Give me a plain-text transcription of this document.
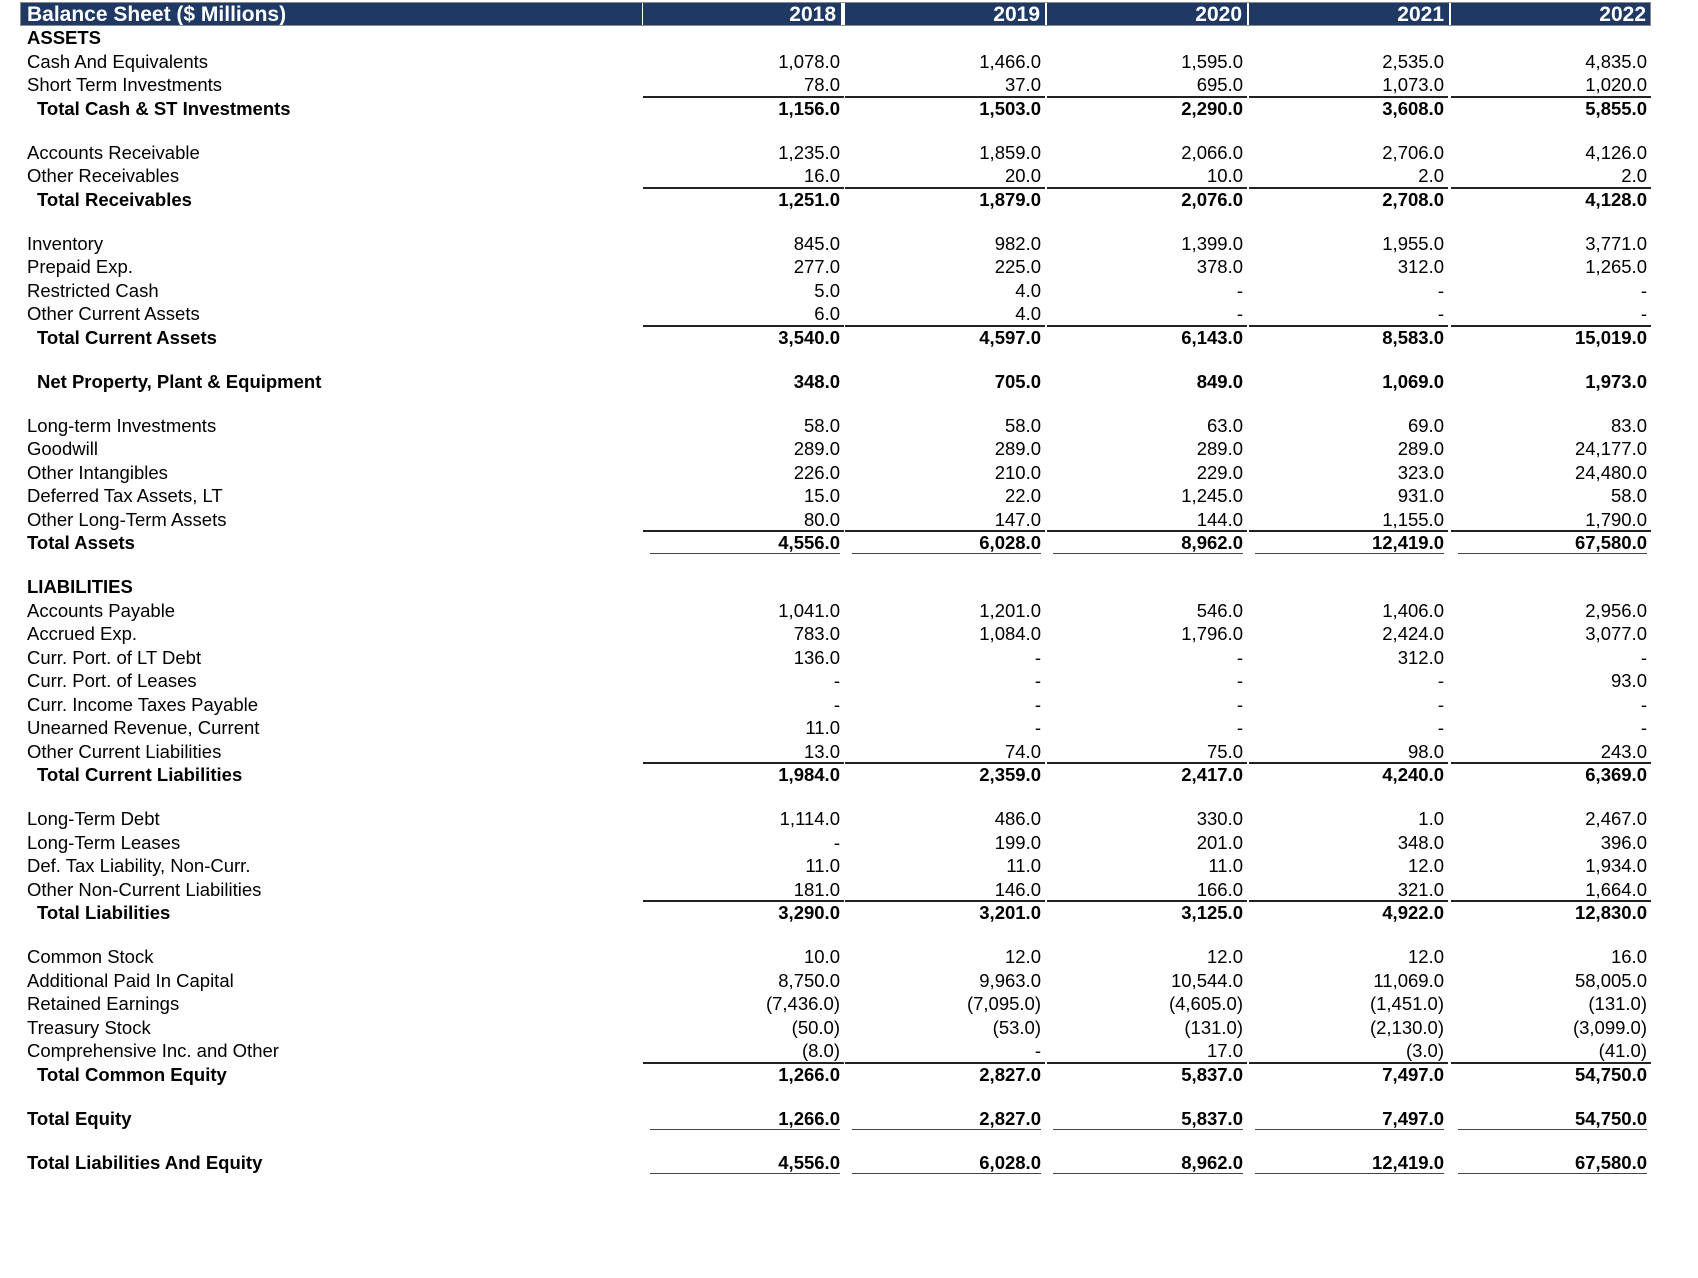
Balance Sheet ($ Millions)	2018	2019	2020	2021	2022
ASSETS
Cash And Equivalents	1,078.0	1,466.0	1,595.0	2,535.0	4,835.0
Short Term Investments	78.0	37.0	695.0	1,073.0	1,020.0
Total Cash & ST Investments	1,156.0	1,503.0	2,290.0	3,608.0	5,855.0
Accounts Receivable	1,235.0	1,859.0	2,066.0	2,706.0	4,126.0
Other Receivables	16.0	20.0	10.0	2.0	2.0
Total Receivables	1,251.0	1,879.0	2,076.0	2,708.0	4,128.0
Inventory	845.0	982.0	1,399.0	1,955.0	3,771.0
Prepaid Exp.	277.0	225.0	378.0	312.0	1,265.0
Restricted Cash	5.0	4.0	-	-	-
Other Current Assets	6.0	4.0	-	-	-
Total Current Assets	3,540.0	4,597.0	6,143.0	8,583.0	15,019.0
Net Property, Plant & Equipment	348.0	705.0	849.0	1,069.0	1,973.0
Long-term Investments	58.0	58.0	63.0	69.0	83.0
Goodwill	289.0	289.0	289.0	289.0	24,177.0
Other Intangibles	226.0	210.0	229.0	323.0	24,480.0
Deferred Tax Assets, LT	15.0	22.0	1,245.0	931.0	58.0
Other Long-Term Assets	80.0	147.0	144.0	1,155.0	1,790.0
Total Assets	4,556.0	6,028.0	8,962.0	12,419.0	67,580.0
LIABILITIES
Accounts Payable	1,041.0	1,201.0	546.0	1,406.0	2,956.0
Accrued Exp.	783.0	1,084.0	1,796.0	2,424.0	3,077.0
Curr. Port. of LT Debt	136.0	-	-	312.0	-
Curr. Port. of Leases	-	-	-	-	93.0
Curr. Income Taxes Payable	-	-	-	-	-
Unearned Revenue, Current	11.0	-	-	-	-
Other Current Liabilities	13.0	74.0	75.0	98.0	243.0
Total Current Liabilities	1,984.0	2,359.0	2,417.0	4,240.0	6,369.0
Long-Term Debt	1,114.0	486.0	330.0	1.0	2,467.0
Long-Term Leases	-	199.0	201.0	348.0	396.0
Def. Tax Liability, Non-Curr.	11.0	11.0	11.0	12.0	1,934.0
Other Non-Current Liabilities	181.0	146.0	166.0	321.0	1,664.0
Total Liabilities	3,290.0	3,201.0	3,125.0	4,922.0	12,830.0
Common Stock	10.0	12.0	12.0	12.0	16.0
Additional Paid In Capital	8,750.0	9,963.0	10,544.0	11,069.0	58,005.0
Retained Earnings	(7,436.0)	(7,095.0)	(4,605.0)	(1,451.0)	(131.0)
Treasury Stock	(50.0)	(53.0)	(131.0)	(2,130.0)	(3,099.0)
Comprehensive Inc. and Other	(8.0)	-	17.0	(3.0)	(41.0)
Total Common Equity	1,266.0	2,827.0	5,837.0	7,497.0	54,750.0
Total Equity	1,266.0	2,827.0	5,837.0	7,497.0	54,750.0
Total Liabilities And Equity	4,556.0	6,028.0	8,962.0	12,419.0	67,580.0
